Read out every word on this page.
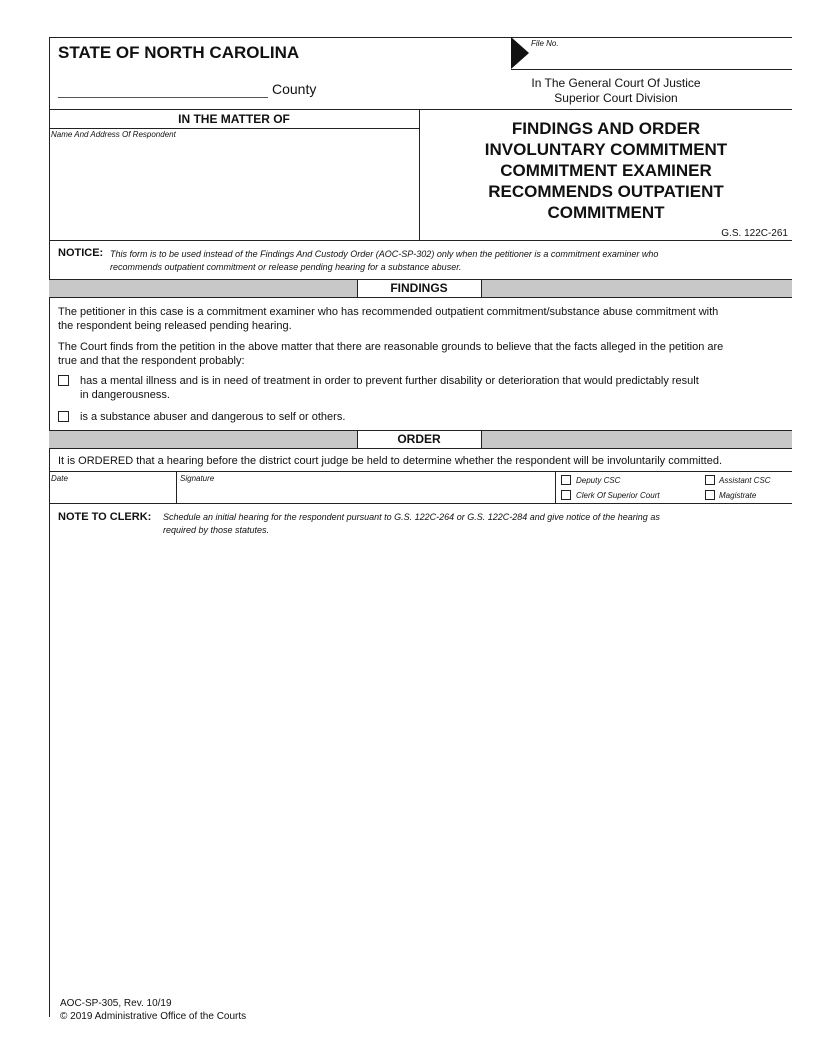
STATE OF NORTH CAROLINA
County
File No.
In The General Court Of Justice
Superior Court Division
IN THE MATTER OF
Name And Address Of Respondent	FINDINGS AND ORDER
INVOLUNTARY COMMITMENT
COMMITMENT EXAMINER
RECOMMENDS OUTPATIENT
COMMITMENT
G.S. 122C-261
NOTICE: This form is to be used instead of the Findings And Custody Order (AOC-SP-302) only when the petitioner is a commitment examiner who
recommends outpatient commitment or release pending hearing for a substance abuser.
FINDINGS
The petitioner in this case is a commitment examiner who has recommended outpatient commitment/substance abuse commitment with
the respondent being released pending hearing.
The Court finds from the petition in the above matter that there are reasonable grounds to believe that the facts alleged in the petition are
true and that the respondent probably:
has a mental illness and is in need of treatment in order to prevent further disability or deterioration that would predictably result
in dangerousness.
is a substance abuser and dangerous to self or others.
ORDER
It is ORDERED that a hearing before the district court judge be held to determine whether the respondent will be involuntarily committed.
Date	Signature	Deputy CSC	Assistant CSC
Clerk Of Superior Court	Magistrate
NOTE TO CLERK: Schedule an initial hearing for the respondent pursuant to G.S. 122C-264 or G.S. 122C-284 and give notice of the hearing as
required by those statutes.
AOC-SP-305, Rev. 10/19
© 2019 Administrative Office of the Courts
